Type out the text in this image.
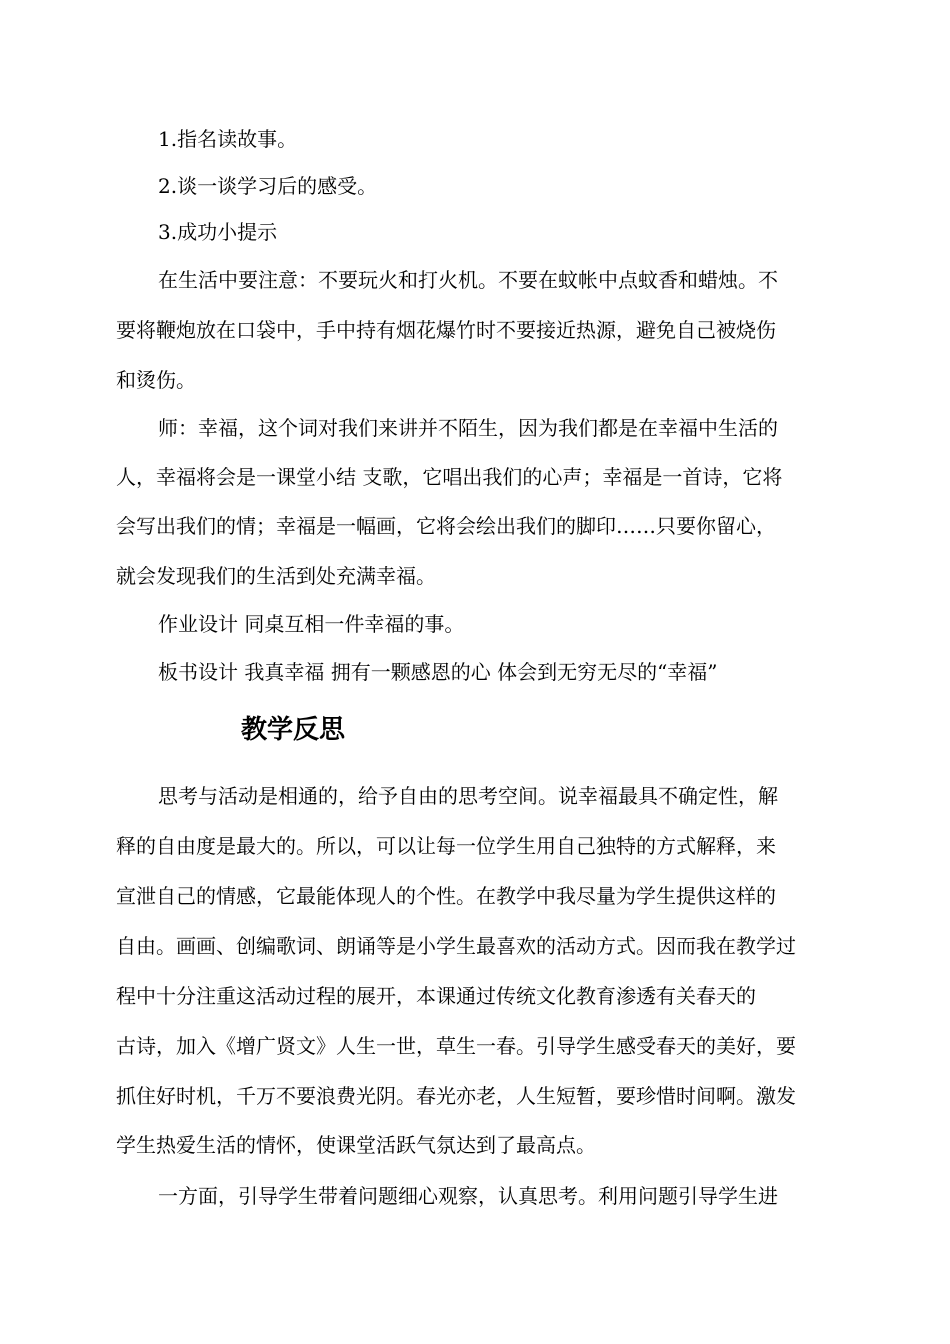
1.指名读故事。
2.谈一谈学习后的感受。
3.成功小提示
在生活中要注意：不要玩火和打火机。不要在蚊帐中点蚊香和蜡烛。不
要将鞭炮放在口袋中，手中持有烟花爆竹时不要接近热源，避免自己被烧伤
和烫伤。
师：幸福，这个词对我们来讲并不陌生，因为我们都是在幸福中生活的
人，幸福将会是一课堂小结 支歌，它唱出我们的心声；幸福是一首诗，它将
会写出我们的情；幸福是一幅画，它将会绘出我们的脚印……只要你留心，
就会发现我们的生活到处充满幸福。
作业设计 同桌互相一件幸福的事。
板书设计 我真幸福 拥有一颗感恩的心 体会到无穷无尽的“幸福”
教学反思
思考与活动是相通的，给予自由的思考空间。说幸福最具不确定性，解
释的自由度是最大的。所以，可以让每一位学生用自己独特的方式解释，来
宣泄自己的情感，它最能体现人的个性。在教学中我尽量为学生提供这样的
自由。画画、创编歌词、朗诵等是小学生最喜欢的活动方式。因而我在教学过
程中十分注重这活动过程的展开，本课通过传统文化教育渗透有关春天的
古诗，加入《增广贤文》人生一世，草生一春。引导学生感受春天的美好，要
抓住好时机，千万不要浪费光阴。春光亦老，人生短暂，要珍惜时间啊。激发
学生热爱生活的情怀，使课堂活跃气氛达到了最高点。
一方面，引导学生带着问题细心观察，认真思考。利用问题引导学生进
